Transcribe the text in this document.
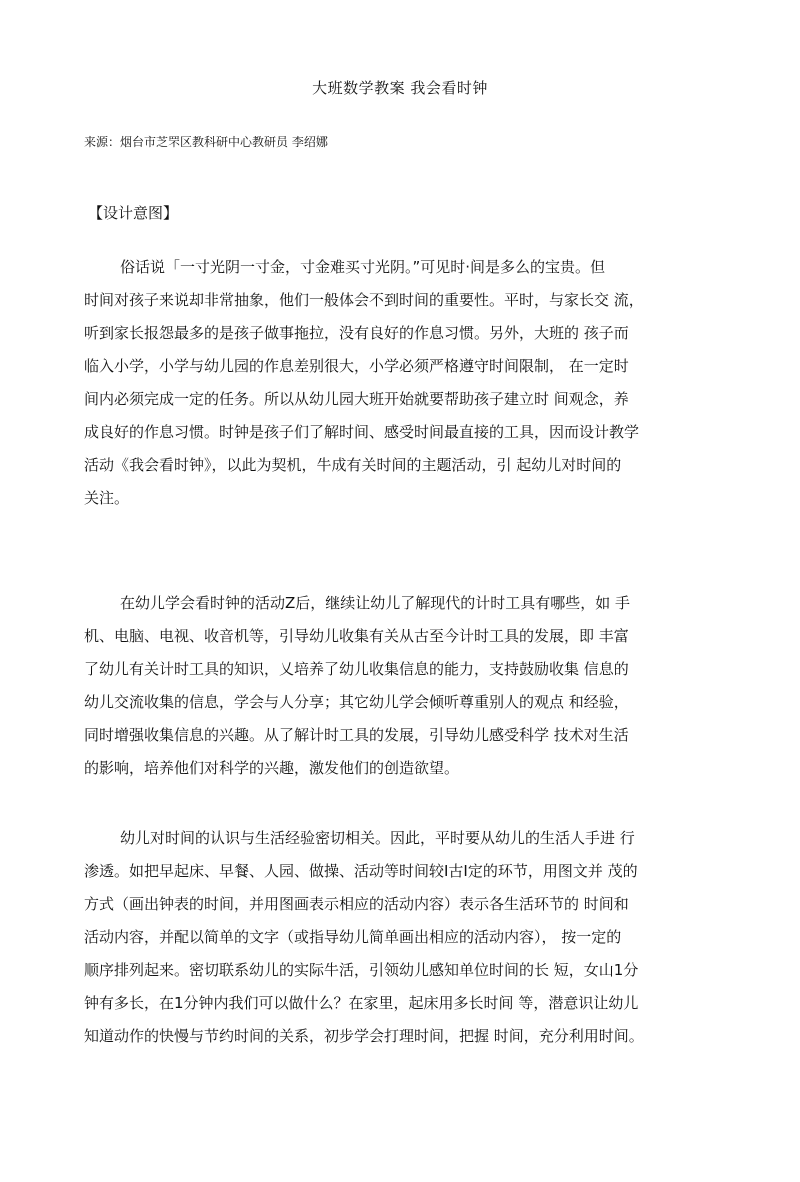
大班数学教案 我会看时钟
来源：烟台市芝罘区教科研中心教研员 李绍娜
【设计意图】
俗话说「一寸光阴一寸金，寸金难买寸光阴。”可见时·间是多么的宝贵。但
时间对孩子来说却非常抽象，他们一般体会不到时间的重要性。平时，与家长交 流，
听到家长报怨最多的是孩子做事拖拉，没有良好的作息习惯。另外，大班的 孩子而
临入小学，小学与幼儿园的作息差别很大，小学必须严格遵守时间限制， 在一定时
间内必须完成一定的任务。所以从幼儿园大班开始就要帮助孩子建立时 间观念，养
成良好的作息习惯。时钟是孩子们了解时间、感受时间最直接的工具，因而设计教学
活动《我会看时钟》，以此为契机，牛成有关时间的主题活动，引 起幼儿对时间的
关注。
在幼儿学会看时钟的活动Z后，继续让幼儿了解现代的计时工具有哪些，如 手
机、电脑、电视、收音机等，引导幼儿收集有关从古至今计时工具的发展，即 丰富
了幼儿有关计时工具的知识，乂培养了幼儿收集信息的能力，支持鼓励收集 信息的
幼儿交流收集的信息，学会与人分享；其它幼儿学会倾听尊重别人的观点 和经验，
同时增强收集信息的兴趣。从了解计时工具的发展，引导幼儿感受科学 技术对生活
的影响，培养他们对科学的兴趣，激发他们的创造欲望。
幼儿对时间的认识与生活经验密切相关。因此，平时要从幼儿的生活人手进 行
渗透。如把早起床、早餐、人园、做操、活动等时间较I古I定的环节，用图文并 茂的
方式（画出钟表的时间，并用图画表示相应的活动内容）表示各生活环节的 时间和
活动内容，并配以简单的文字（或指导幼儿简单画出相应的活动内容）， 按一定的
顺序排列起来。密切联系幼儿的实际牛活，引领幼儿感知单位时间的长 短，女山1分
钟有多长，在1分钟内我们可以做什么？在家里，起床用多长时间 等，潜意识让幼儿
知道动作的快慢与节约时间的关系，初步学会打理时间，把握 时间，充分利用时间。
